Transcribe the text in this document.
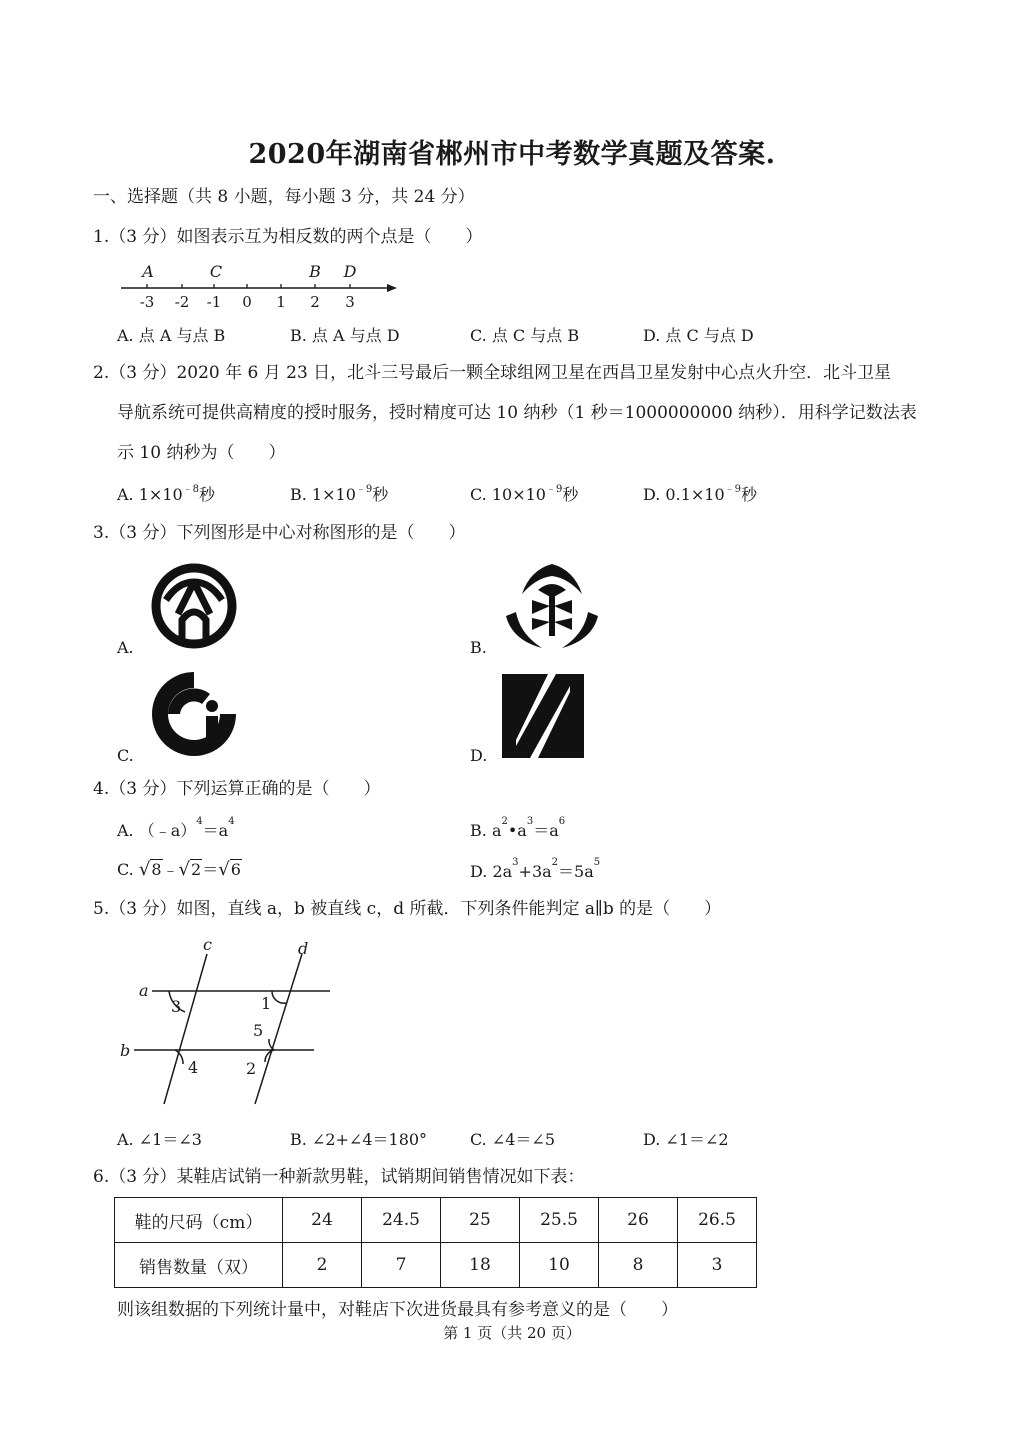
2020年湖南省郴州市中考数学真题及答案.
一、选择题（共 8 小题，每小题 3 分，共 24 分）
1.（3 分）如图表示互为相反数的两个点是（　　）
-3 -2 -1 0 1 2 3
A	C	B D
A. 点 A 与点 B	B. 点 A 与点 D	C. 点 C 与点 B	D. 点 C 与点 D
2.（3 分）2020 年 6 月 23 日，北斗三号最后一颗全球组网卫星在西昌卫星发射中心点火升空．北斗卫星
导航系统可提供高精度的授时服务，授时精度可达 10 纳秒（1 秒＝1000000000 纳秒）．用科学记数法表
示 10 纳秒为（　　）
A. $1\times 10^{﹣8}$秒	B. $1\times 10^{﹣9}$秒	C. $10\times 10^{﹣9}$秒	D. $0.1\times 10^{﹣9}$秒
3.（3 分）下列图形是中心对称图形的是（　　）
A.	B.
C.	D.
4.（3 分）下列运算正确的是（　　）
A. $(﹣a)^4=a^4$	B. $a^2•a^3=a^6$
C. √8﹣√2＝√6	D. $2a^3+3a^2=5a^5$
5.（3 分）如图，直线 a，b 被直线 c，d 所截．下列条件能判定 a∥b 的是（　　）
a
b
c	d
1
2
3
4
5
A. ∠1＝∠3	B. ∠2+∠4＝180°	C. ∠4＝∠5	D. ∠1＝∠2
6.（3 分）某鞋店试销一种新款男鞋，试销期间销售情况如下表：
鞋的尺码（cm）	24	24.5	25	25.5	26	26.5
销售数量（双）	2	7	18	10	8	3
则该组数据的下列统计量中，对鞋店下次进货最具有参考意义的是（　　）
第 1 页（共 20 页）
